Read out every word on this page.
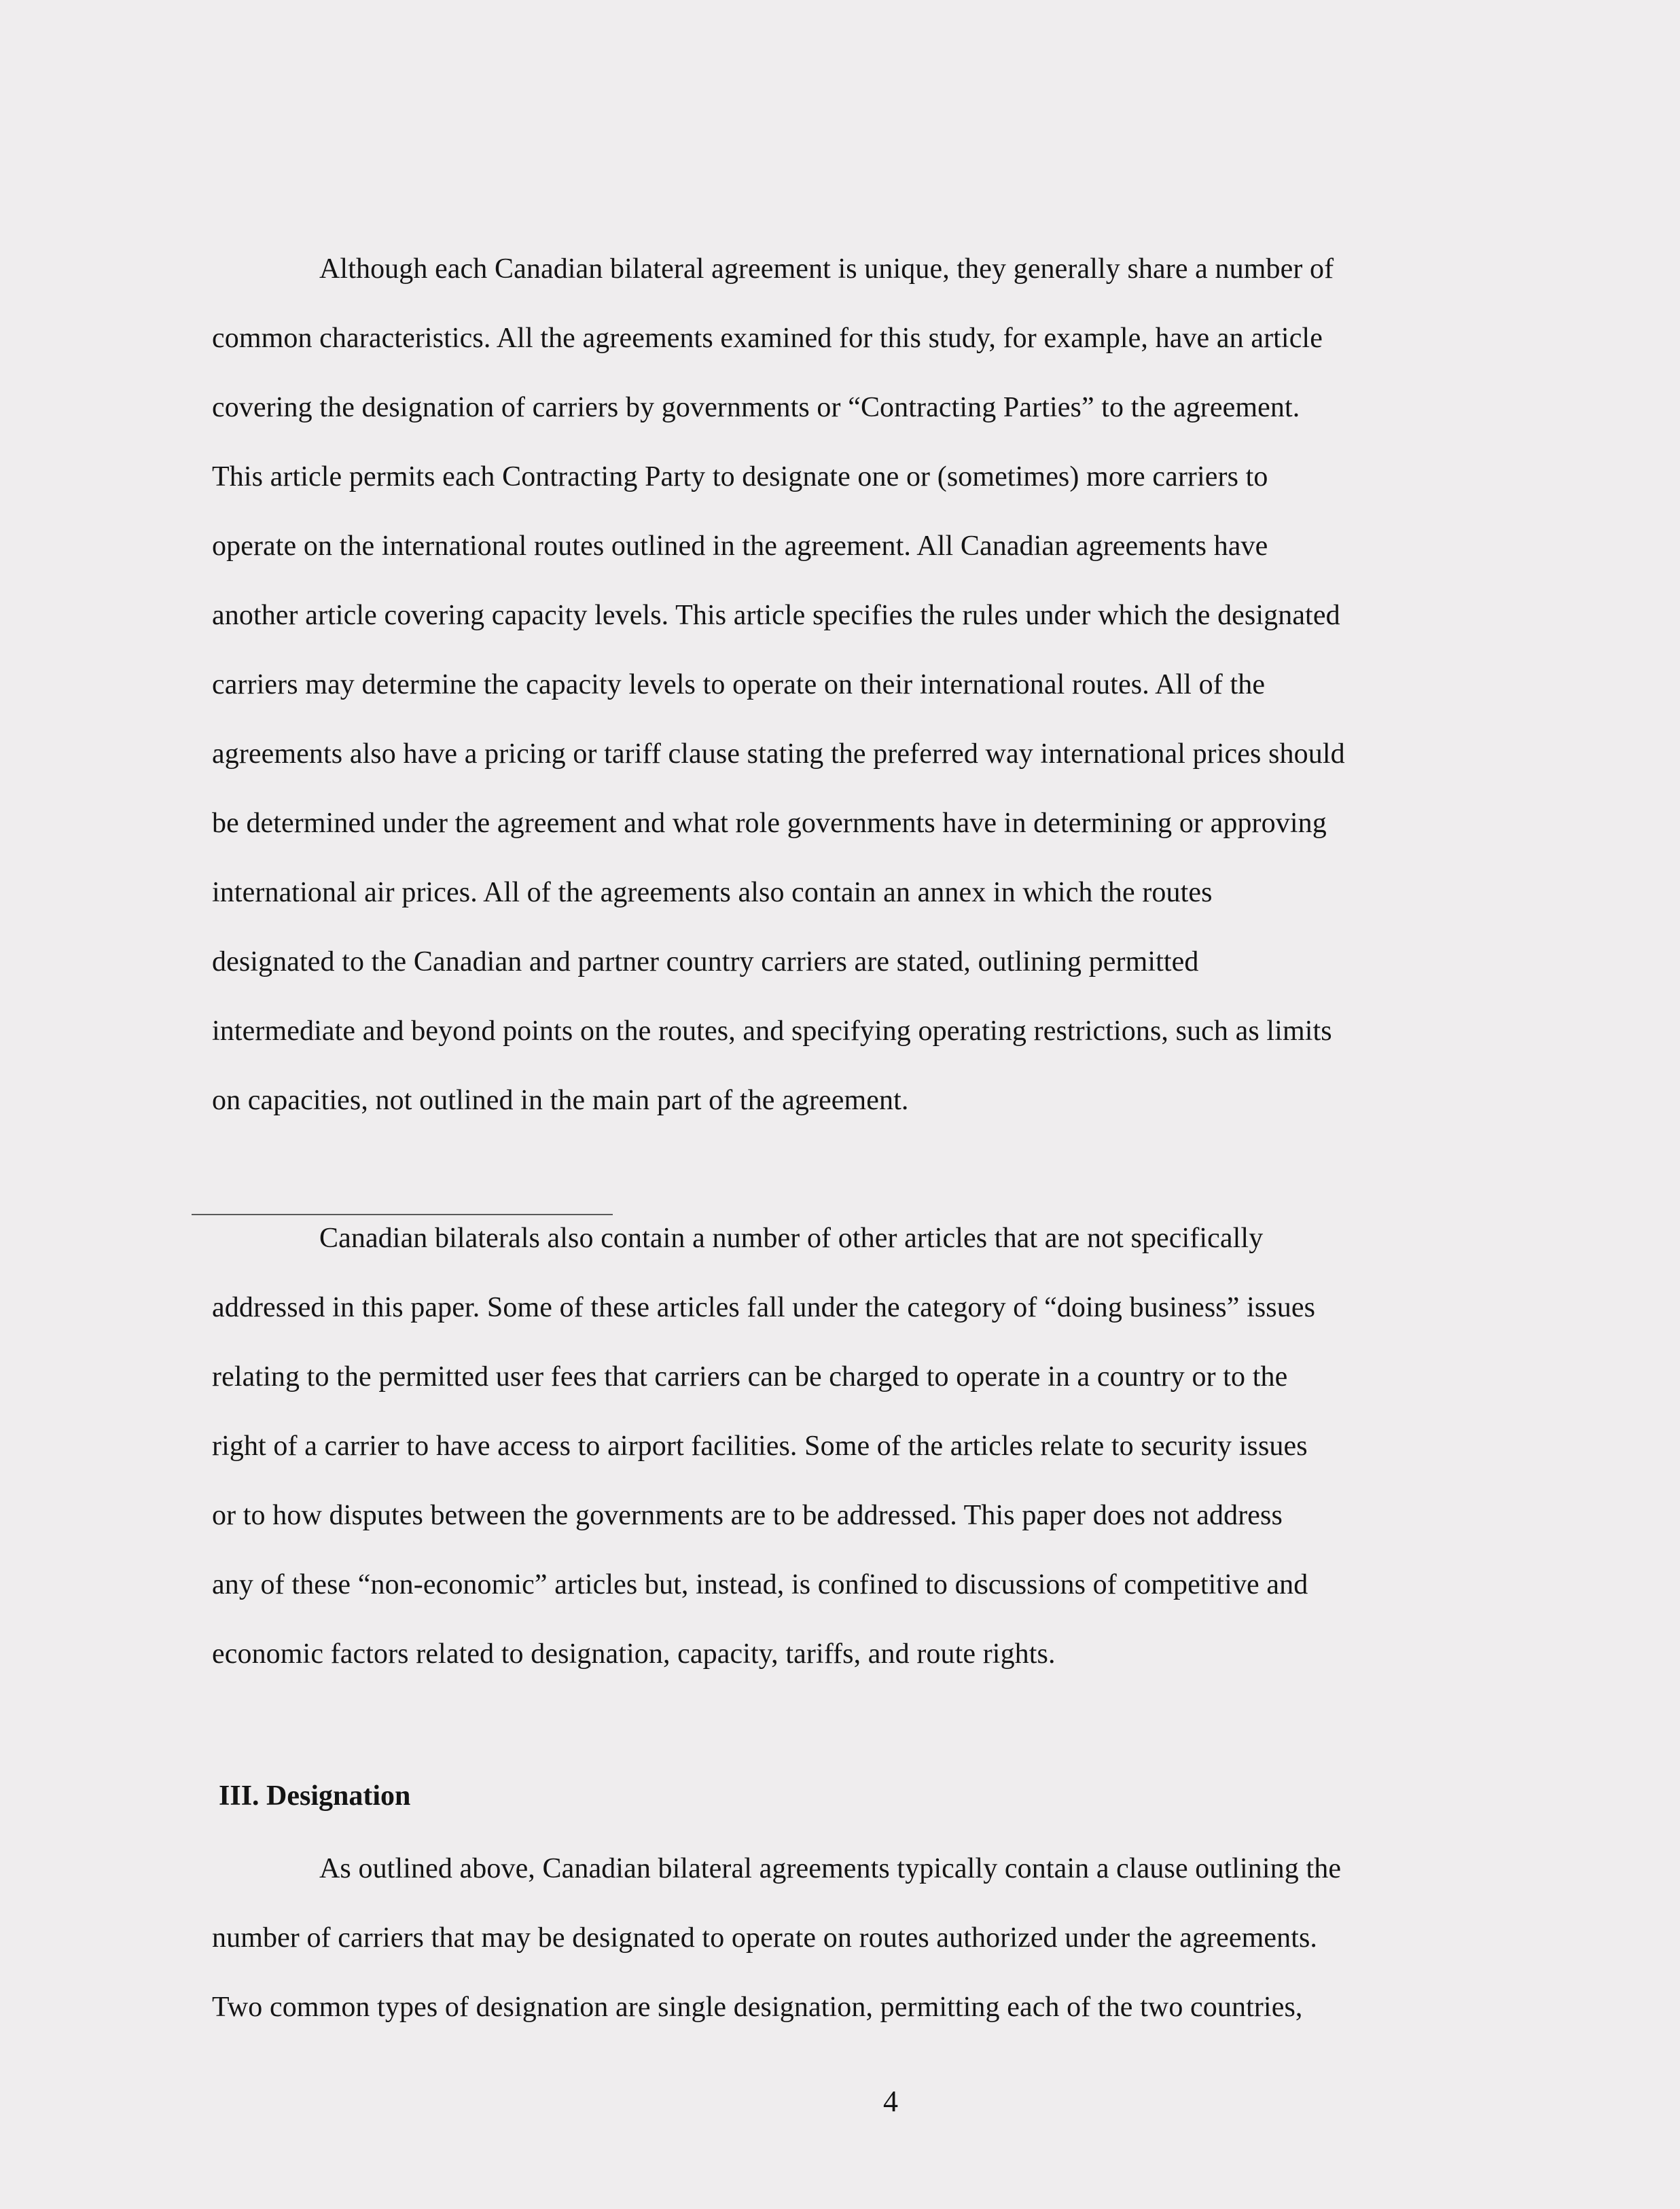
Although each Canadian bilateral agreement is unique, they generally share a number of
common characteristics. All the agreements examined for this study, for example, have an article
covering the designation of carriers by governments or “Contracting Parties” to the agreement.
This article permits each Contracting Party to designate one or (sometimes) more carriers to
operate on the international routes outlined in the agreement. All Canadian agreements have
another article covering capacity levels. This article specifies the rules under which the designated
carriers may determine the capacity levels to operate on their international routes. All of the
agreements also have a pricing or tariff clause stating the preferred way international prices should
be determined under the agreement and what role governments have in determining or approving
international air prices. All of the agreements also contain an annex in which the routes
designated to the Canadian and partner country carriers are stated, outlining permitted
intermediate and beyond points on the routes, and specifying operating restrictions, such as limits
on capacities, not outlined in the main part of the agreement.
Canadian bilaterals also contain a number of other articles that are not specifically
addressed in this paper. Some of these articles fall under the category of “doing business” issues
relating to the permitted user fees that carriers can be charged to operate in a country or to the
right of a carrier to have access to airport facilities. Some of the articles relate to security issues
or to how disputes between the governments are to be addressed. This paper does not address
any of these “non-economic” articles but, instead, is confined to discussions of competitive and
economic factors related to designation, capacity, tariffs, and route rights.
III. Designation
As outlined above, Canadian bilateral agreements typically contain a clause outlining the
number of carriers that may be designated to operate on routes authorized under the agreements.
Two common types of designation are single designation, permitting each of the two countries,
4
